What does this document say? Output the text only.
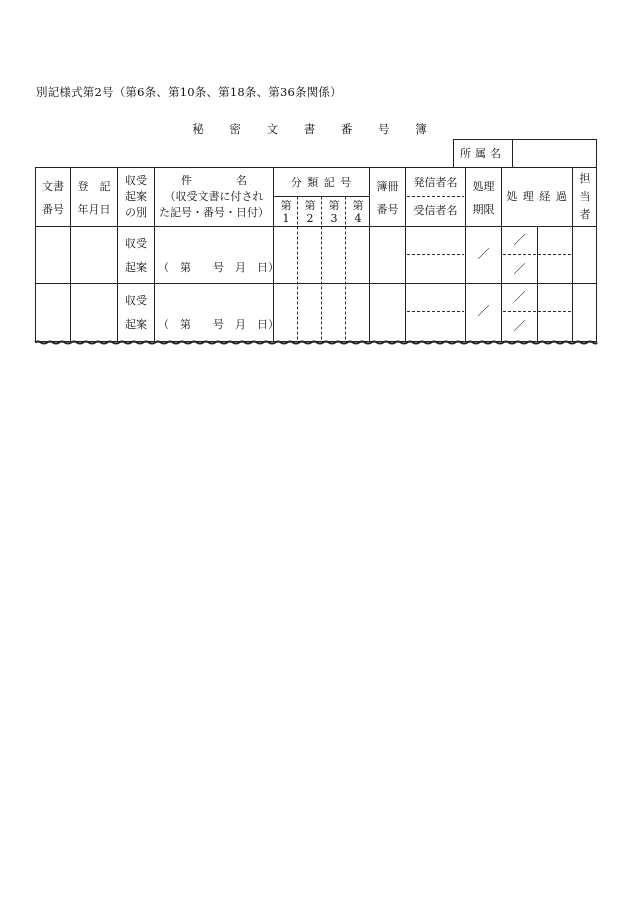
別記様式第2号（第6条、第10条、第18条、第36条関係）
秘 密 文 書 番 号 簿
所属名
文書
番号
登　記
年月日
収受
起案
の別
件　　　　名
（収受文書に付され
た記号・番号・日付）
分 類 記 号
第
1
第
2
第
3
第
4
簿冊
番号
発信者名
受信者名
処理
期限
処 理 経 過
担
当
者
収受
起案	（　第　　号　月　日）
／
／
／
収受
起案	（　第　　号　月　日）
／
／
／
